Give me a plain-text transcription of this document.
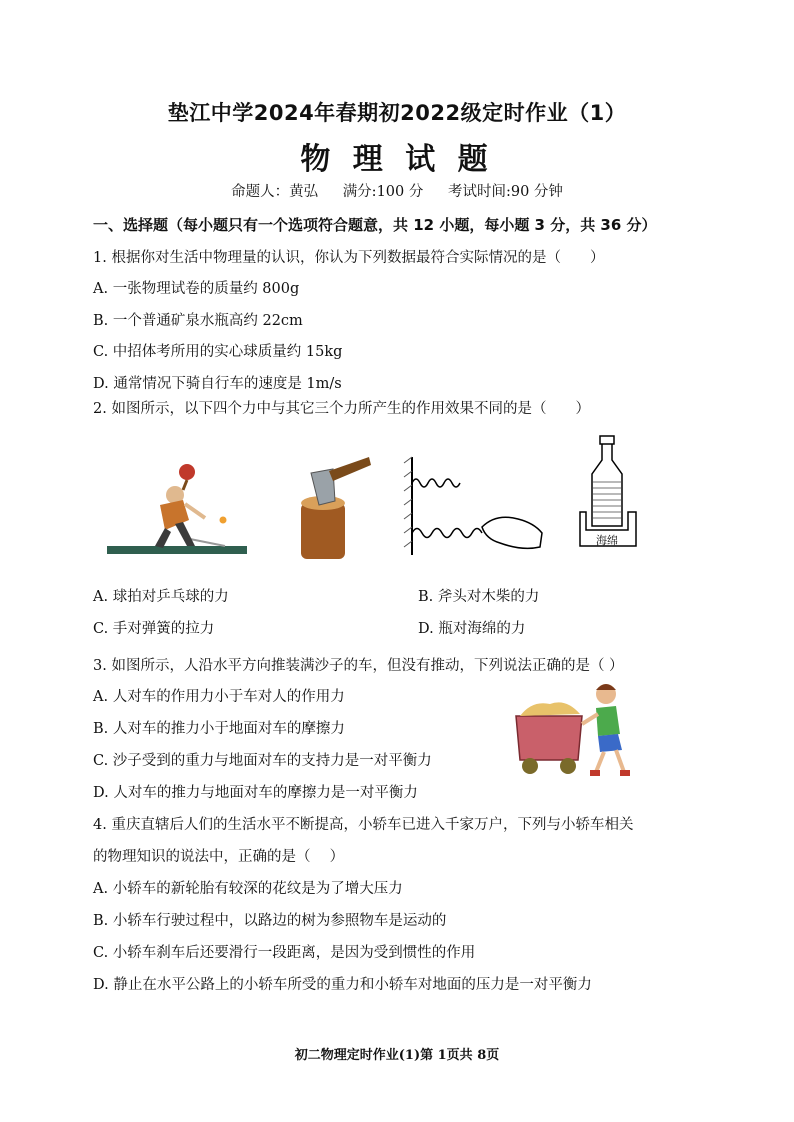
垫江中学2024年春期初2022级定时作业（1）
物 理 试 题
命题人：黄弘 满分:100 分 考试时间:90 分钟
一、选择题（每小题只有一个选项符合题意，共 12 小题，每小题 3 分，共 36 分）
1. 根据你对生活中物理量的认识，你认为下列数据最符合实际情况的是（　　）
A. 一张物理试卷的质量约 800g
B. 一个普通矿泉水瓶高约 22cm
C. 中招体考所用的实心球质量约 15kg
D. 通常情况下骑自行车的速度是 1m/s
2. 如图所示，以下四个力中与其它三个力所产生的作用效果不同的是（　　）
海绵
A. 球拍对乒乓球的力	B. 斧头对木柴的力
C. 手对弹簧的拉力	D. 瓶对海绵的力
3. 如图所示，人沿水平方向推装满沙子的车，但没有推动，下列说法正确的是（ ）
A. 人对车的作用力小于车对人的作用力
B. 人对车的推力小于地面对车的摩擦力
C. 沙子受到的重力与地面对车的支持力是一对平衡力
D. 人对车的推力与地面对车的摩擦力是一对平衡力
4. 重庆直辖后人们的生活水平不断提高，小轿车已进入千家万户，下列与小轿车相关
的物理知识的说法中，正确的是（　 ）
A. 小轿车的新轮胎有较深的花纹是为了增大压力
B. 小轿车行驶过程中，以路边的树为参照物车是运动的
C. 小轿车刹车后还要滑行一段距离，是因为受到惯性的作用
D. 静止在水平公路上的小轿车所受的重力和小轿车对地面的压力是一对平衡力
初二物理定时作业(1)第 1页共 8页
